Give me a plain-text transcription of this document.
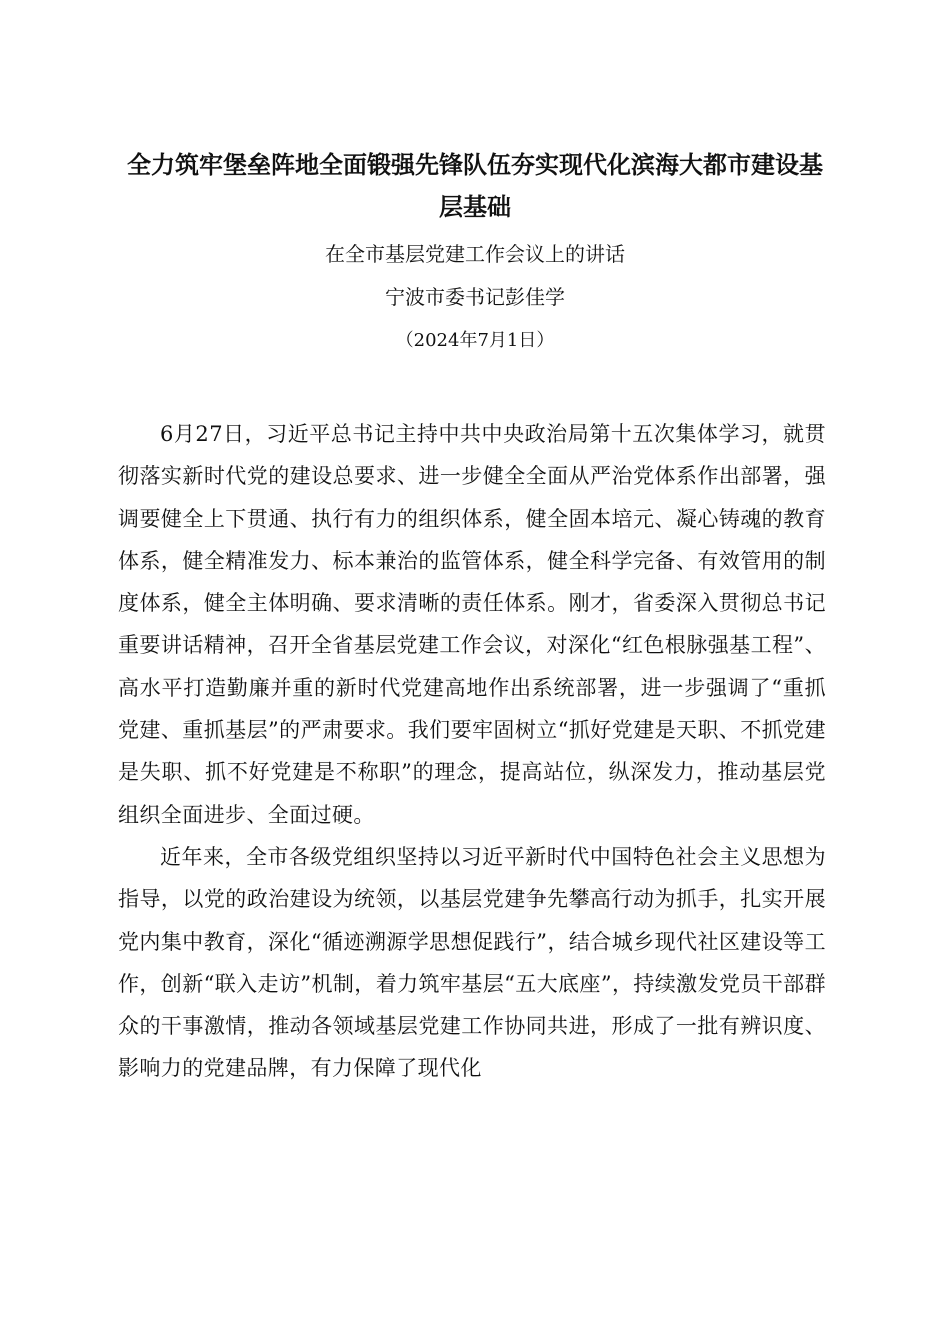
全力筑牢堡垒阵地全面锻强先锋队伍夯实现代化滨海大都市建设基层基础

在全市基层党建工作会议上的讲话

宁波市委书记彭佳学

（2024年7月1日）

6月27日，习近平总书记主持中共中央政治局第十五次集体学习，就贯彻落实新时代党的建设总要求、进一步健全全面从严治党体系作出部署，强调要健全上下贯通、执行有力的组织体系，健全固本培元、凝心铸魂的教育体系，健全精准发力、标本兼治的监管体系，健全科学完备、有效管用的制度体系，健全主体明确、要求清晰的责任体系。刚才，省委深入贯彻总书记重要讲话精神，召开全省基层党建工作会议，对深化“红色根脉强基工程”、高水平打造勤廉并重的新时代党建高地作出系统部署，进一步强调了“重抓党建、重抓基层”的严肃要求。我们要牢固树立“抓好党建是天职、不抓党建是失职、抓不好党建是不称职”的理念，提高站位，纵深发力，推动基层党组织全面进步、全面过硬。

近年来，全市各级党组织坚持以习近平新时代中国特色社会主义思想为指导，以党的政治建设为统领，以基层党建争先攀高行动为抓手，扎实开展党内集中教育，深化“循迹溯源学思想促践行”，结合城乡现代社区建设等工作，创新“联入走访”机制，着力筑牢基层“五大底座”，持续激发党员干部群众的干事激情，推动各领域基层党建工作协同共进，形成了一批有辨识度、影响力的党建品牌，有力保障了现代化
